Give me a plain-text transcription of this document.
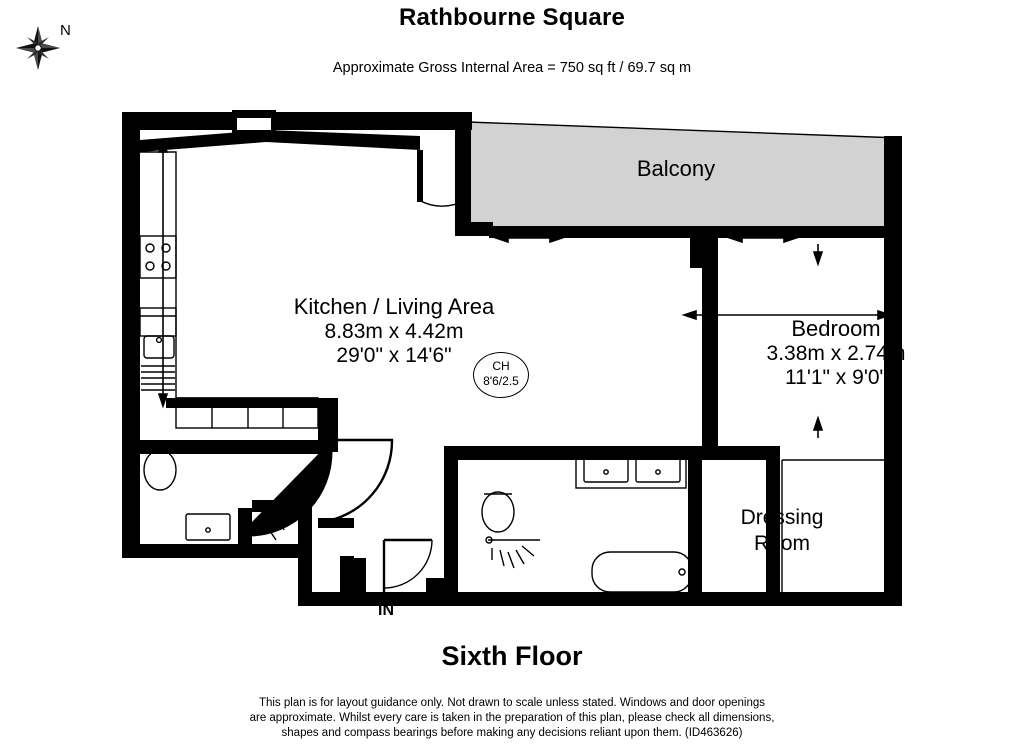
Rathbourne Square
Approximate Gross Internal Area = 750 sq ft / 69.7 sq m
N
Kitchen / Living Area
8.83m x 4.42m
29'0" x 14'6"
Balcony
Bedroom
3.38m x 2.74m
11'1" x 9'0"
Dressing
Room
CH
8'6/2.5
IN
Sixth Floor
This plan is for layout guidance only. Not drawn to scale unless stated. Windows and door openings
are approximate. Whilst every care is taken in the preparation of this plan, please check all dimensions,
shapes and compass bearings before making any decisions reliant upon them. (ID463626)
